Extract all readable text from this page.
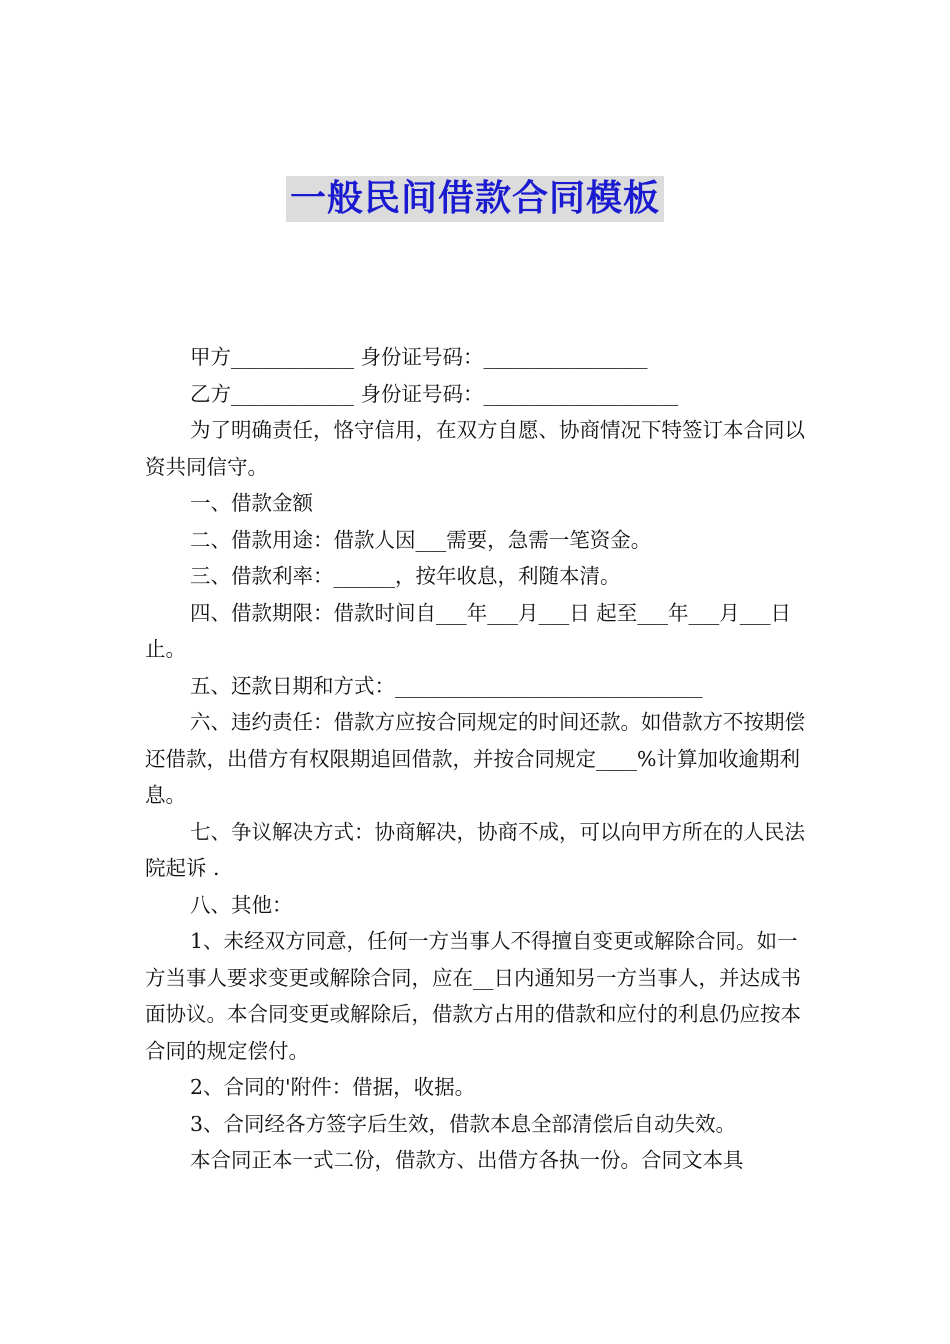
一般民间借款合同模板

甲方____________ 身份证号码：________________

乙方____________ 身份证号码：___________________

为了明确责任，恪守信用，在双方自愿、协商情况下特签订本合同以资共同信守。

一、借款金额

二、借款用途：借款人因___需要，急需一笔资金。

三、借款利率：______，按年收息，利随本清。

四、借款期限：借款时间自___年___月___日 起至___年___月___日止。

五、还款日期和方式：______________________________

六、违约责任：借款方应按合同规定的时间还款。如借款方不按期偿还借款，出借方有权限期追回借款，并按合同规定____%计算加收逾期利息。

七、争议解决方式：协商解决，协商不成，可以向甲方所在的人民法院起诉 .

八、其他：

1、未经双方同意，任何一方当事人不得擅自变更或解除合同。如一方当事人要求变更或解除合同，应在__日内通知另一方当事人，并达成书面协议。本合同变更或解除后，借款方占用的借款和应付的利息仍应按本合同的规定偿付。

2、合同的'附件：借据，收据。

3、合同经各方签字后生效，借款本息全部清偿后自动失效。

本合同正本一式二份，借款方、出借方各执一份。合同文本具
